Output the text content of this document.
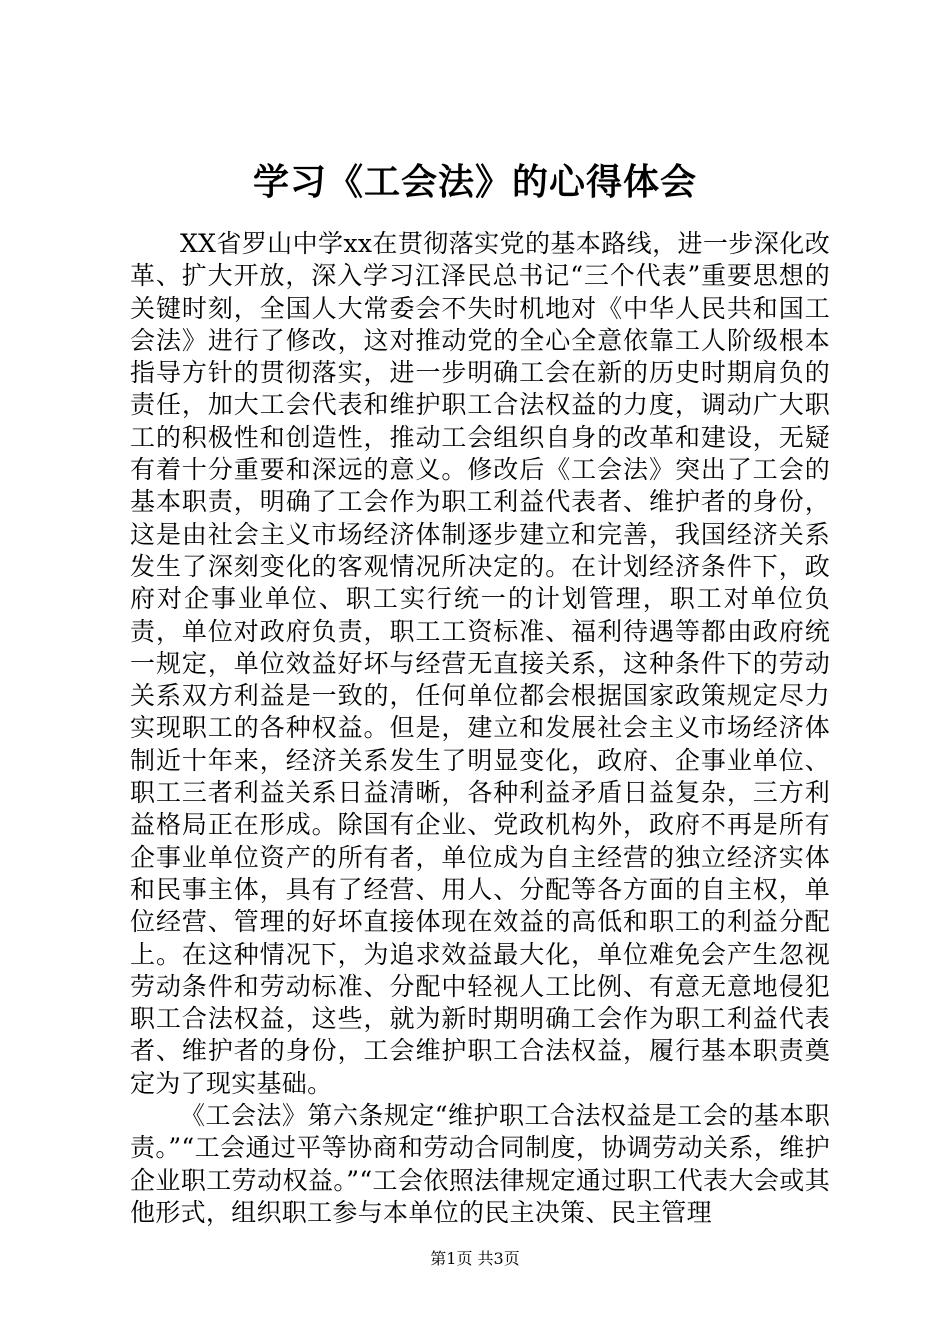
学习《工会法》的心得体会

XX省罗山中学xx在贯彻落实党的基本路线，进一步深化改革、扩大开放，深入学习江泽民总书记“三个代表”重要思想的关键时刻，全国人大常委会不失时机地对《中华人民共和国工会法》进行了修改，这对推动党的全心全意依靠工人阶级根本指导方针的贯彻落实，进一步明确工会在新的历史时期肩负的责任，加大工会代表和维护职工合法权益的力度，调动广大职工的积极性和创造性，推动工会组织自身的改革和建设，无疑有着十分重要和深远的意义。修改后《工会法》突出了工会的基本职责，明确了工会作为职工利益代表者、维护者的身份，这是由社会主义市场经济体制逐步建立和完善，我国经济关系发生了深刻变化的客观情况所决定的。在计划经济条件下，政府对企事业单位、职工实行统一的计划管理，职工对单位负责，单位对政府负责，职工工资标准、福利待遇等都由政府统一规定，单位效益好坏与经营无直接关系，这种条件下的劳动关系双方利益是一致的，任何单位都会根据国家政策规定尽力实现职工的各种权益。但是，建立和发展社会主义市场经济体制近十年来，经济关系发生了明显变化，政府、企事业单位、职工三者利益关系日益清晰，各种利益矛盾日益复杂，三方利益格局正在形成。除国有企业、党政机构外，政府不再是所有企事业单位资产的所有者，单位成为自主经营的独立经济实体和民事主体，具有了经营、用人、分配等各方面的自主权，单位经营、管理的好坏直接体现在效益的高低和职工的利益分配上。在这种情况下，为追求效益最大化，单位难免会产生忽视劳动条件和劳动标准、分配中轻视人工比例、有意无意地侵犯职工合法权益，这些，就为新时期明确工会作为职工利益代表者、维护者的身份，工会维护职工合法权益，履行基本职责奠定为了现实基础。

《工会法》第六条规定“维护职工合法权益是工会的基本职责。”“工会通过平等协商和劳动合同制度，协调劳动关系，维护企业职工劳动权益。”“工会依照法律规定通过职工代表大会或其他形式，组织职工参与本单位的民主决策、民主管理

第1页 共3页
